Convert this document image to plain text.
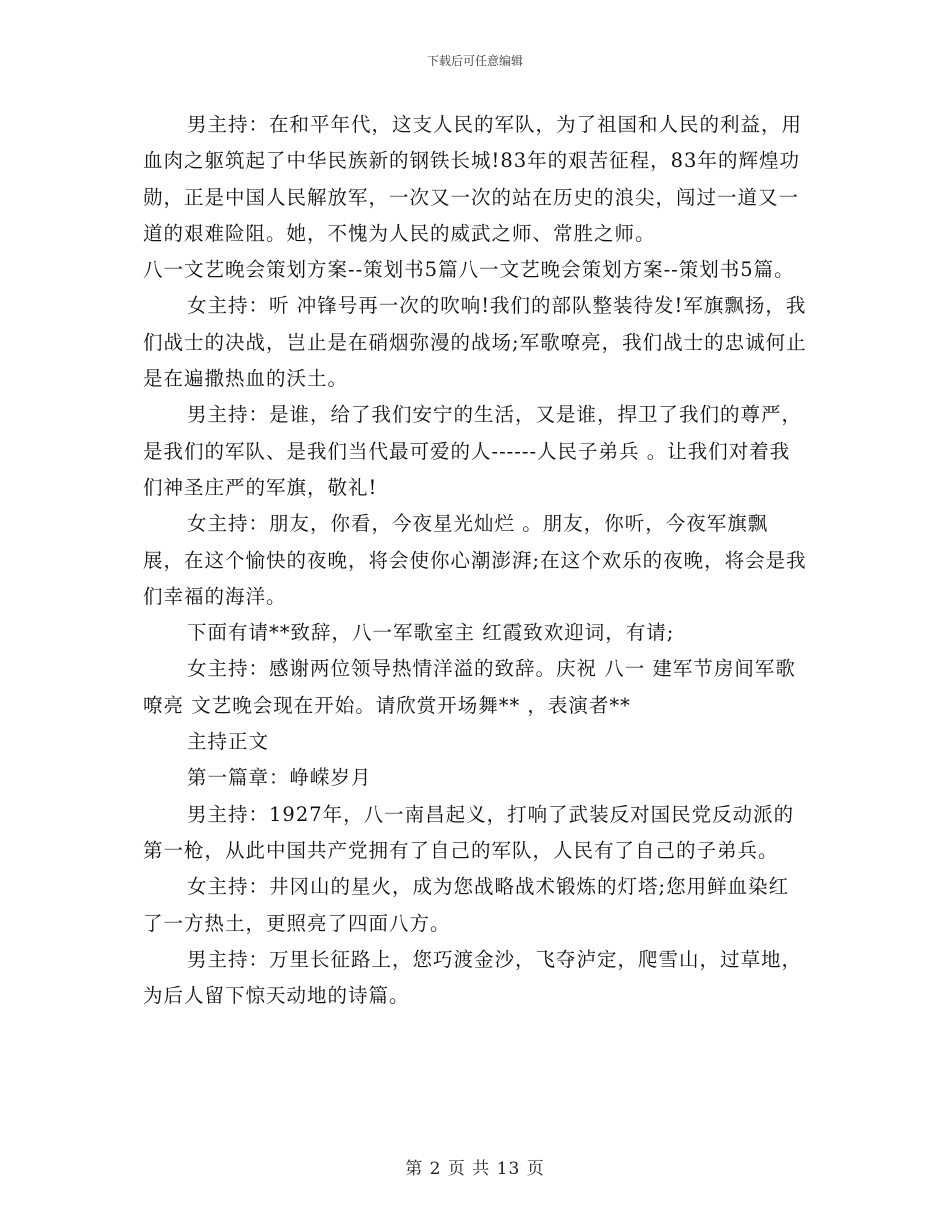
下载后可任意编辑

男主持：在和平年代，这支人民的军队，为了祖国和人民的利益，用血肉之躯筑起了中华民族新的钢铁长城!83年的艰苦征程，83年的辉煌功勋，正是中国人民解放军，一次又一次的站在历史的浪尖，闯过一道又一道的艰难险阻。她，不愧为人民的威武之师、常胜之师。

八一文艺晚会策划方案--策划书5篇八一文艺晚会策划方案--策划书5篇。

女主持：听 冲锋号再一次的吹响!我们的部队整装待发!军旗飘扬，我们战士的决战，岂止是在硝烟弥漫的战场;军歌嘹亮，我们战士的忠诚何止是在遍撒热血的沃土。

男主持：是谁，给了我们安宁的生活，又是谁，捍卫了我们的尊严，是我们的军队、是我们当代最可爱的人------人民子弟兵 。让我们对着我们神圣庄严的军旗，敬礼!

女主持：朋友，你看，今夜星光灿烂 。朋友，你听，今夜军旗飘展，在这个愉快的夜晚，将会使你心潮澎湃;在这个欢乐的夜晚，将会是我们幸福的海洋。

下面有请**致辞，八一军歌室主 红霞致欢迎词，有请;

女主持：感谢两位领导热情洋溢的致辞。庆祝 八一 建军节房间军歌嘹亮 文艺晚会现在开始。请欣赏开场舞** ，表演者**

主持正文

第一篇章：峥嵘岁月

男主持：1927年，八一南昌起义，打响了武装反对国民党反动派的第一枪，从此中国共产党拥有了自己的军队，人民有了自己的子弟兵。

女主持：井冈山的星火，成为您战略战术锻炼的灯塔;您用鲜血染红了一方热土，更照亮了四面八方。

男主持：万里长征路上，您巧渡金沙，飞夺泸定，爬雪山，过草地，为后人留下惊天动地的诗篇。

第 2 页 共 13 页
